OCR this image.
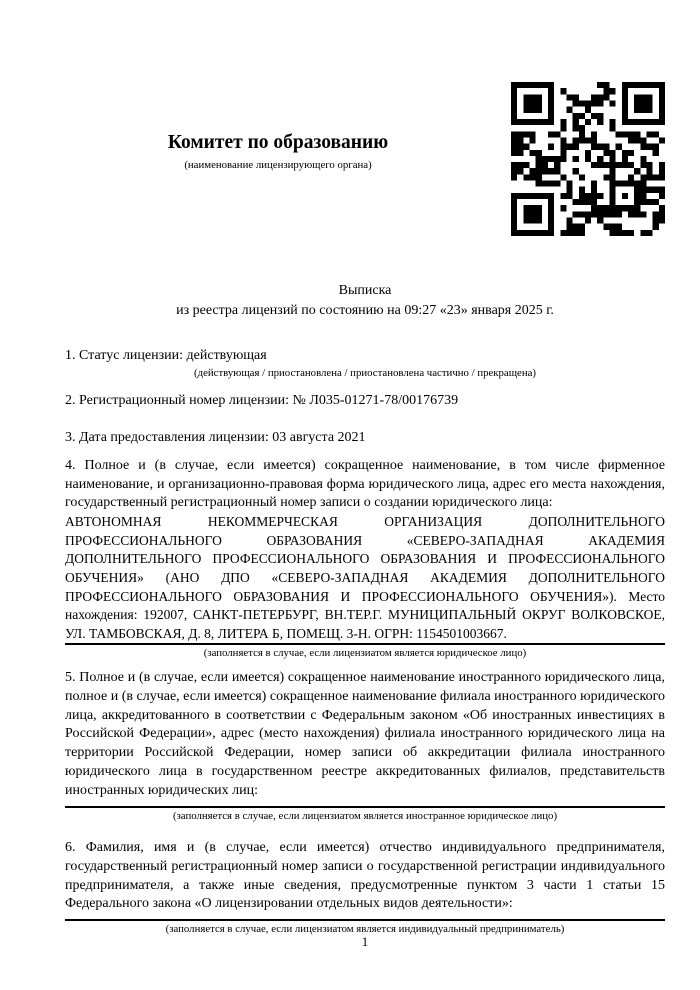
Комитет по образованию
(наименование лицензирующего органа)
Выписка
из реестра лицензий по состоянию на 09:27 «23» января 2025 г.

1. Статус лицензии: действующая

(действующая / приостановлена / приостановлена частично / прекращена)

2. Регистрационный номер лицензии: № Л035-01271-78/00176739

3. Дата предоставления лицензии: 03 августа 2021

4. Полное и (в случае, если имеется) сокращенное наименование, в том числе фирменное наименование, и организационно-правовая форма юридического лица, адрес его места нахождения, государственный регистрационный номер записи о создании юридического лица:

АВТОНОМНАЯ НЕКОММЕРЧЕСКАЯ ОРГАНИЗАЦИЯ ДОПОЛНИТЕЛЬНОГО ПРОФЕССИОНАЛЬНОГО ОБРАЗОВАНИЯ «СЕВЕРО-ЗАПАДНАЯ АКАДЕМИЯ ДОПОЛНИТЕЛЬНОГО ПРОФЕССИОНАЛЬНОГО ОБРАЗОВАНИЯ И ПРОФЕССИОНАЛЬНОГО ОБУЧЕНИЯ» (АНО ДПО «СЕВЕРО-ЗАПАДНАЯ АКАДЕМИЯ ДОПОЛНИТЕЛЬНОГО ПРОФЕССИОНАЛЬНОГО ОБРАЗОВАНИЯ И ПРОФЕССИОНАЛЬНОГО ОБУЧЕНИЯ»). Место нахождения: 192007, САНКТ-ПЕТЕРБУРГ, ВН.ТЕР.Г. МУНИЦИПАЛЬНЫЙ ОКРУГ ВОЛКОВСКОЕ, УЛ. ТАМБОВСКАЯ, Д. 8, ЛИТЕРА Б, ПОМЕЩ. 3-Н. ОГРН: 1154501003667.

(заполняется в случае, если лицензиатом является юридическое лицо)

5. Полное и (в случае, если имеется) сокращенное наименование иностранного юридического лица, полное и (в случае, если имеется) сокращенное наименование филиала иностранного юридического лица, аккредитованного в соответствии с Федеральным законом «Об иностранных инвестициях в Российской Федерации», адрес (место нахождения) филиала иностранного юридического лица на территории Российской Федерации, номер записи об аккредитации филиала иностранного юридического лица в государственном реестре аккредитованных филиалов, представительств иностранных юридических лиц:

(заполняется в случае, если лицензиатом является иностранное юридическое лицо)

6. Фамилия, имя и (в случае, если имеется) отчество индивидуального предпринимателя, государственный регистрационный номер записи о государственной регистрации индивидуального предпринимателя, а также иные сведения, предусмотренные пунктом 3 части 1 статьи 15 Федерального закона «О лицензировании отдельных видов деятельности»:

(заполняется в случае, если лицензиатом является индивидуальный предприниматель)

1
